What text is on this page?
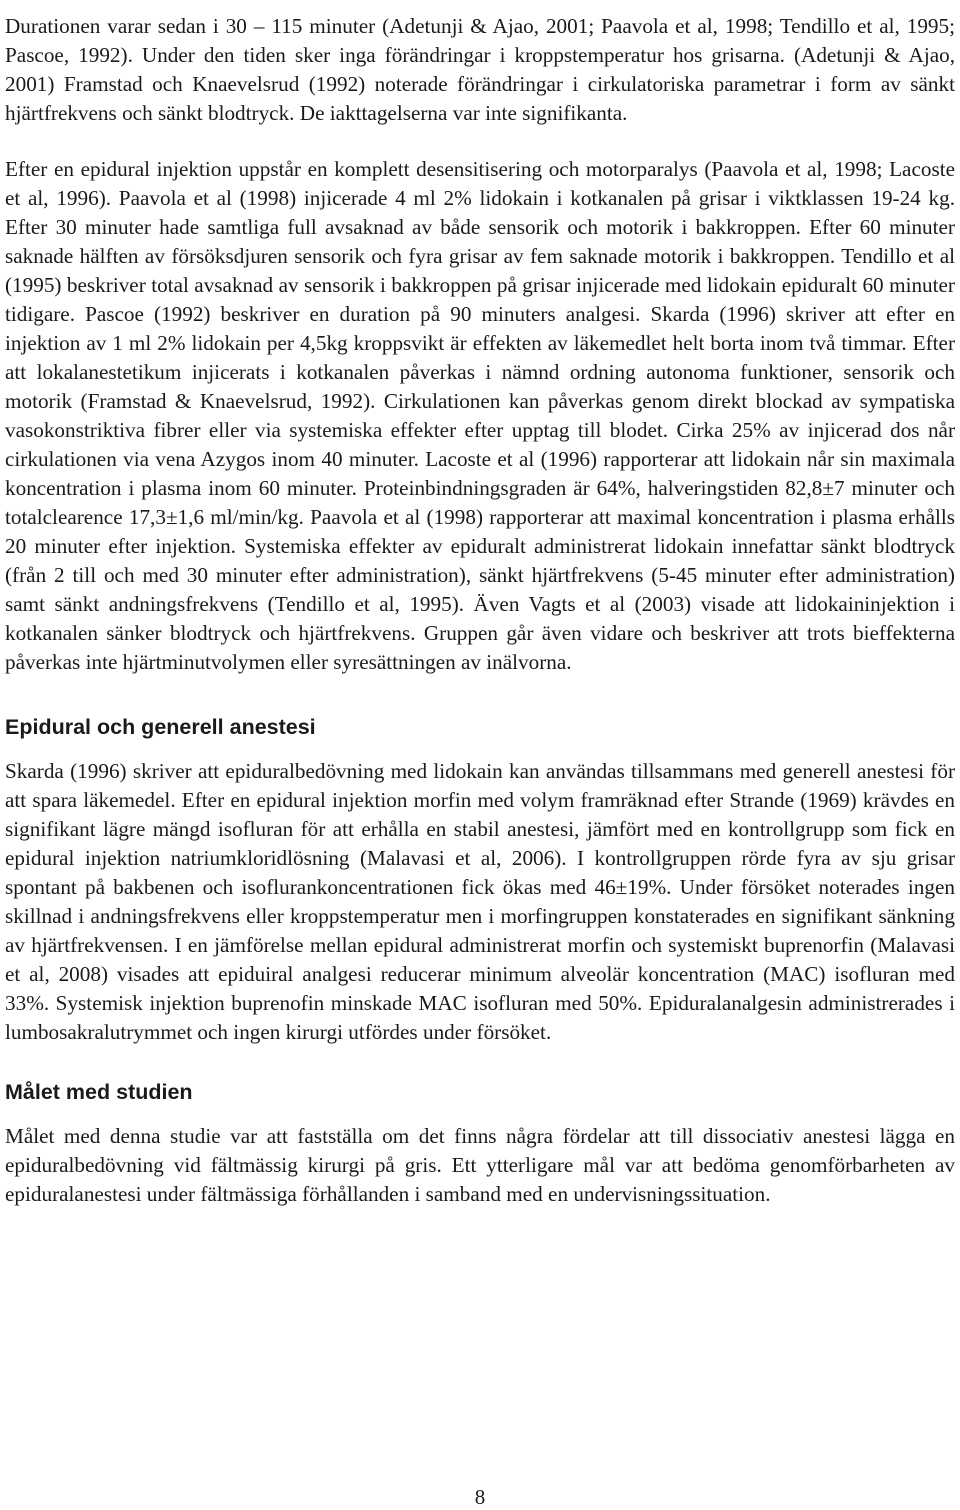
Durationen varar sedan i 30 – 115 minuter (Adetunji & Ajao, 2001; Paavola et al, 1998; Tendillo et al, 1995; Pascoe, 1992). Under den tiden sker inga förändringar i kroppstemperatur hos grisarna. (Adetunji & Ajao, 2001) Framstad och Knaevelsrud (1992) noterade förändringar i cirkulatoriska parametrar i form av sänkt hjärtfrekvens och sänkt blodtryck. De iakttagelserna var inte signifikanta.

Efter en epidural injektion uppstår en komplett desensitisering och motorparalys (Paavola et al, 1998; Lacoste et al, 1996). Paavola et al (1998) injicerade 4 ml 2% lidokain i kotkanalen på grisar i viktklassen 19-24 kg. Efter 30 minuter hade samtliga full avsaknad av både sensorik och motorik i bakkroppen. Efter 60 minuter saknade hälften av försöksdjuren sensorik och fyra grisar av fem saknade motorik i bakkroppen. Tendillo et al (1995) beskriver total avsaknad av sensorik i bakkroppen på grisar injicerade med lidokain epiduralt 60 minuter tidigare. Pascoe (1992) beskriver en duration på 90 minuters analgesi. Skarda (1996) skriver att efter en injektion av 1 ml 2% lidokain per 4,5kg kroppsvikt är effekten av läkemedlet helt borta inom två timmar. Efter att lokalanestetikum injicerats i kotkanalen påverkas i nämnd ordning autonoma funktioner, sensorik och motorik (Framstad & Knaevelsrud, 1992). Cirkulationen kan påverkas genom direkt blockad av sympatiska vasokonstriktiva fibrer eller via systemiska effekter efter upptag till blodet. Cirka 25% av injicerad dos når cirkulationen via vena Azygos inom 40 minuter. Lacoste et al (1996) rapporterar att lidokain når sin maximala koncentration i plasma inom 60 minuter. Proteinbindningsgraden är 64%, halveringstiden 82,8±7 minuter och totalclearence 17,3±1,6 ml/min/kg. Paavola et al (1998) rapporterar att maximal koncentration i plasma erhålls 20 minuter efter injektion. Systemiska effekter av epiduralt administrerat lidokain innefattar sänkt blodtryck (från 2 till och med 30 minuter efter administration), sänkt hjärtfrekvens (5-45 minuter efter administration) samt sänkt andningsfrekvens (Tendillo et al, 1995). Även Vagts et al (2003) visade att lidokaininjektion i kotkanalen sänker blodtryck och hjärtfrekvens. Gruppen går även vidare och beskriver att trots bieffekterna påverkas inte hjärtminutvolymen eller syresättningen av inälvorna.

Epidural och generell anestesi

Skarda (1996) skriver att epiduralbedövning med lidokain kan användas tillsammans med generell anestesi för att spara läkemedel. Efter en epidural injektion morfin med volym framräknad efter Strande (1969) krävdes en signifikant lägre mängd isofluran för att erhålla en stabil anestesi, jämfört med en kontrollgrupp som fick en epidural injektion natriumkloridlösning (Malavasi et al, 2006). I kontrollgruppen rörde fyra av sju grisar spontant på bakbenen och isoflurankoncentrationen fick ökas med 46±19%. Under försöket noterades ingen skillnad i andningsfrekvens eller kroppstemperatur men i morfingruppen konstaterades en signifikant sänkning av hjärtfrekvensen. I en jämförelse mellan epidural administrerat morfin och systemiskt buprenorfin (Malavasi et al, 2008) visades att epiduiral analgesi reducerar minimum alveolär koncentration (MAC) isofluran med 33%. Systemisk injektion buprenofin minskade MAC isofluran med 50%. Epiduralanalgesin administrerades i lumbosakralutrymmet och ingen kirurgi utfördes under försöket.

Målet med studien

Målet med denna studie var att fastställa om det finns några fördelar att till dissociativ anestesi lägga en epiduralbedövning vid fältmässig kirurgi på gris. Ett ytterligare mål var att bedöma genomförbarheten av epiduralanestesi under fältmässiga förhållanden i samband med en undervisningssituation.

8
